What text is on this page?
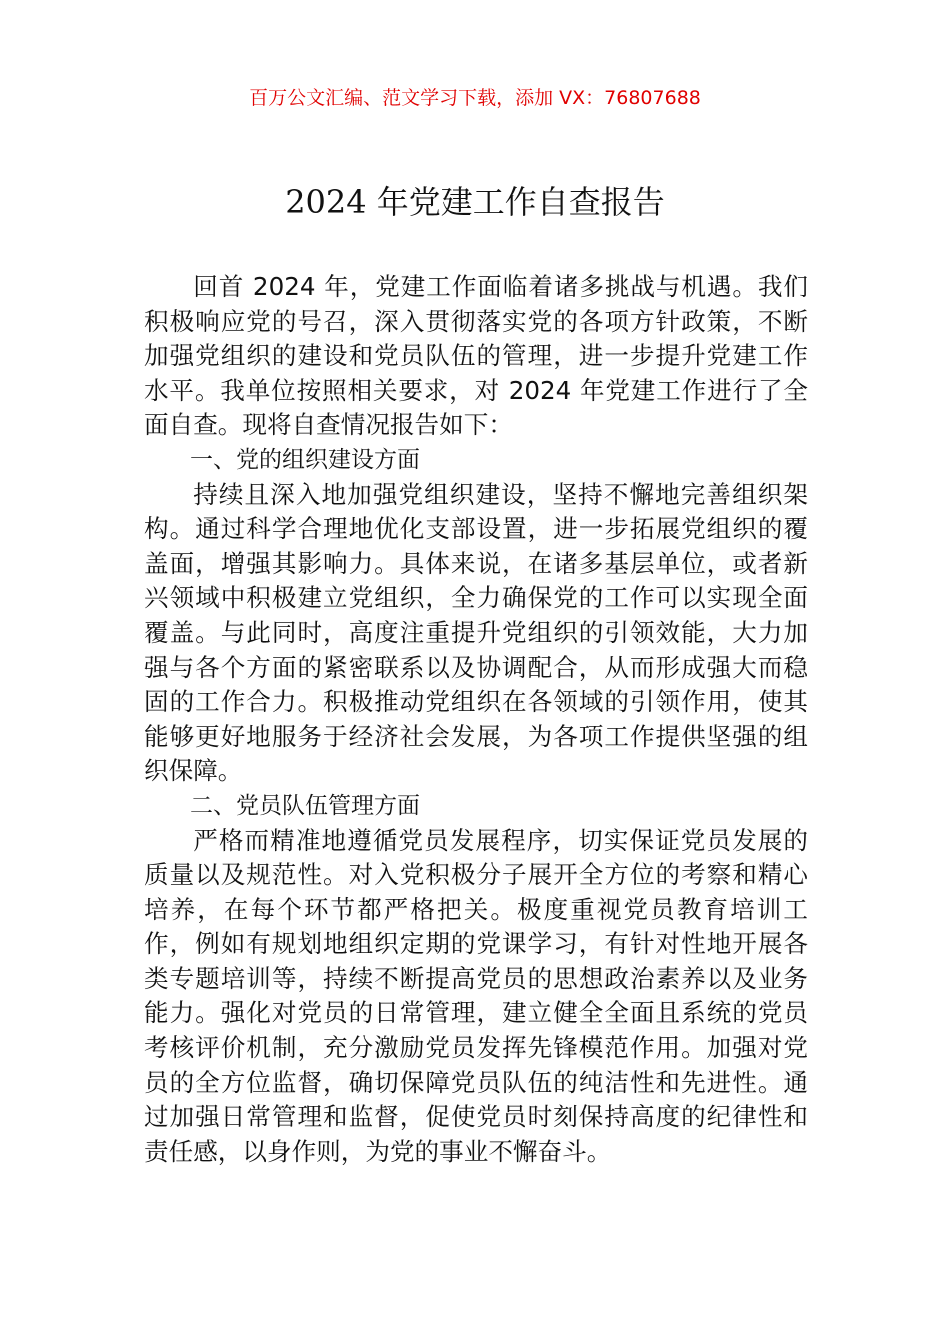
百万公文汇编、范文学习下载，添加 VX：76807688
2024 年党建工作自查报告

回首 2024 年，党建工作面临着诸多挑战与机遇。我们积极响应党的号召，深入贯彻落实党的各项方针政策，不断加强党组织的建设和党员队伍的管理，进一步提升党建工作水平。我单位按照相关要求，对 2024 年党建工作进行了全面自查。现将自查情况报告如下：

一、党的组织建设方面

持续且深入地加强党组织建设，坚持不懈地完善组织架构。通过科学合理地优化支部设置，进一步拓展党组织的覆盖面，增强其影响力。具体来说，在诸多基层单位，或者新兴领域中积极建立党组织，全力确保党的工作可以实现全面覆盖。与此同时，高度注重提升党组织的引领效能，大力加强与各个方面的紧密联系以及协调配合，从而形成强大而稳固的工作合力。积极推动党组织在各领域的引领作用，使其能够更好地服务于经济社会发展，为各项工作提供坚强的组织保障。

二、党员队伍管理方面

严格而精准地遵循党员发展程序，切实保证党员发展的质量以及规范性。对入党积极分子展开全方位的考察和精心培养，在每个环节都严格把关。极度重视党员教育培训工作，例如有规划地组织定期的党课学习，有针对性地开展各类专题培训等，持续不断提高党员的思想政治素养以及业务能力。强化对党员的日常管理，建立健全全面且系统的党员考核评价机制，充分激励党员发挥先锋模范作用。加强对党员的全方位监督，确切保障党员队伍的纯洁性和先进性。通过加强日常管理和监督，促使党员时刻保持高度的纪律性和责任感，以身作则，为党的事业不懈奋斗。
